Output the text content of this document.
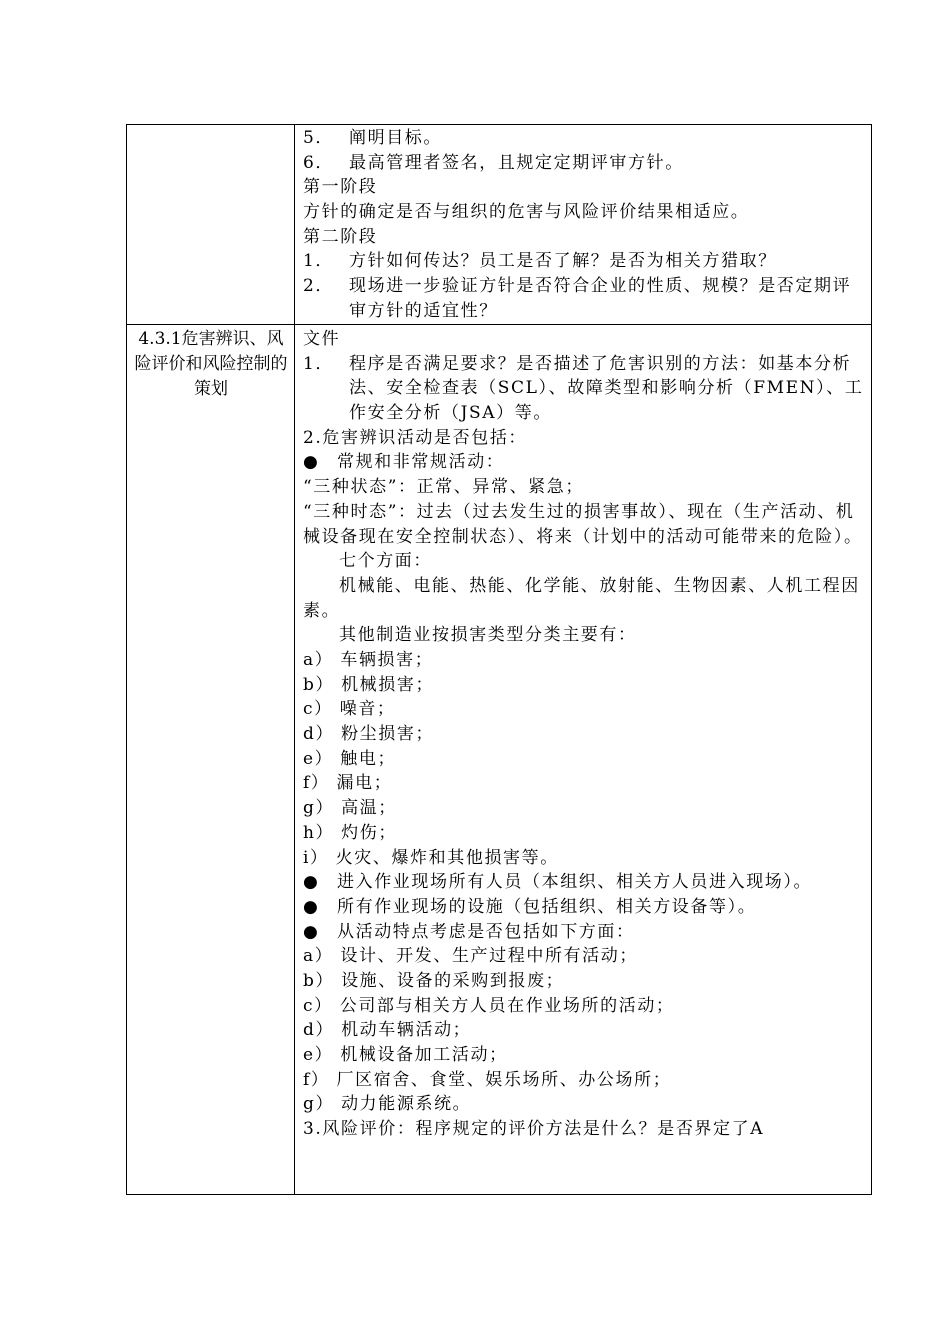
5． 阐明目标。
6． 最高管理者签名，且规定定期评审方针。
第一阶段
方针的确定是否与组织的危害与风险评价结果相适应。
第二阶段
1． 方针如何传达？员工是否了解？是否为相关方猎取？
2． 现场进一步验证方针是否符合企业的性质、规模？是否定期评审方针的适宜性？
4.3.1危害辨识、风险评价和风险控制的策划
文件
1． 程序是否满足要求？是否描述了危害识别的方法：如基本分析法、安全检查表（SCL）、故障类型和影响分析（FMEN）、工作安全分析（JSA）等。
2.危害辨识活动是否包括：
● 常规和非常规活动：
“三种状态”：正常、异常、紧急；
“三种时态”：过去（过去发生过的损害事故）、现在（生产活动、机械设备现在安全控制状态）、将来（计划中的活动可能带来的危险）。
七个方面：
机械能、电能、热能、化学能、放射能、生物因素、人机工程因素。
其他制造业按损害类型分类主要有：
a） 车辆损害；
b） 机械损害；
c） 噪音；
d） 粉尘损害；
e） 触电；
f） 漏电；
g） 高温；
h） 灼伤；
i） 火灾、爆炸和其他损害等。
● 进入作业现场所有人员（本组织、相关方人员进入现场）。
● 所有作业现场的设施（包括组织、相关方设备等）。
● 从活动特点考虑是否包括如下方面：
a） 设计、开发、生产过程中所有活动；
b） 设施、设备的采购到报废；
c） 公司部与相关方人员在作业场所的活动；
d） 机动车辆活动；
e） 机械设备加工活动；
f） 厂区宿舍、食堂、娱乐场所、办公场所；
g） 动力能源系统。
3.风险评价：程序规定的评价方法是什么？是否界定了A
